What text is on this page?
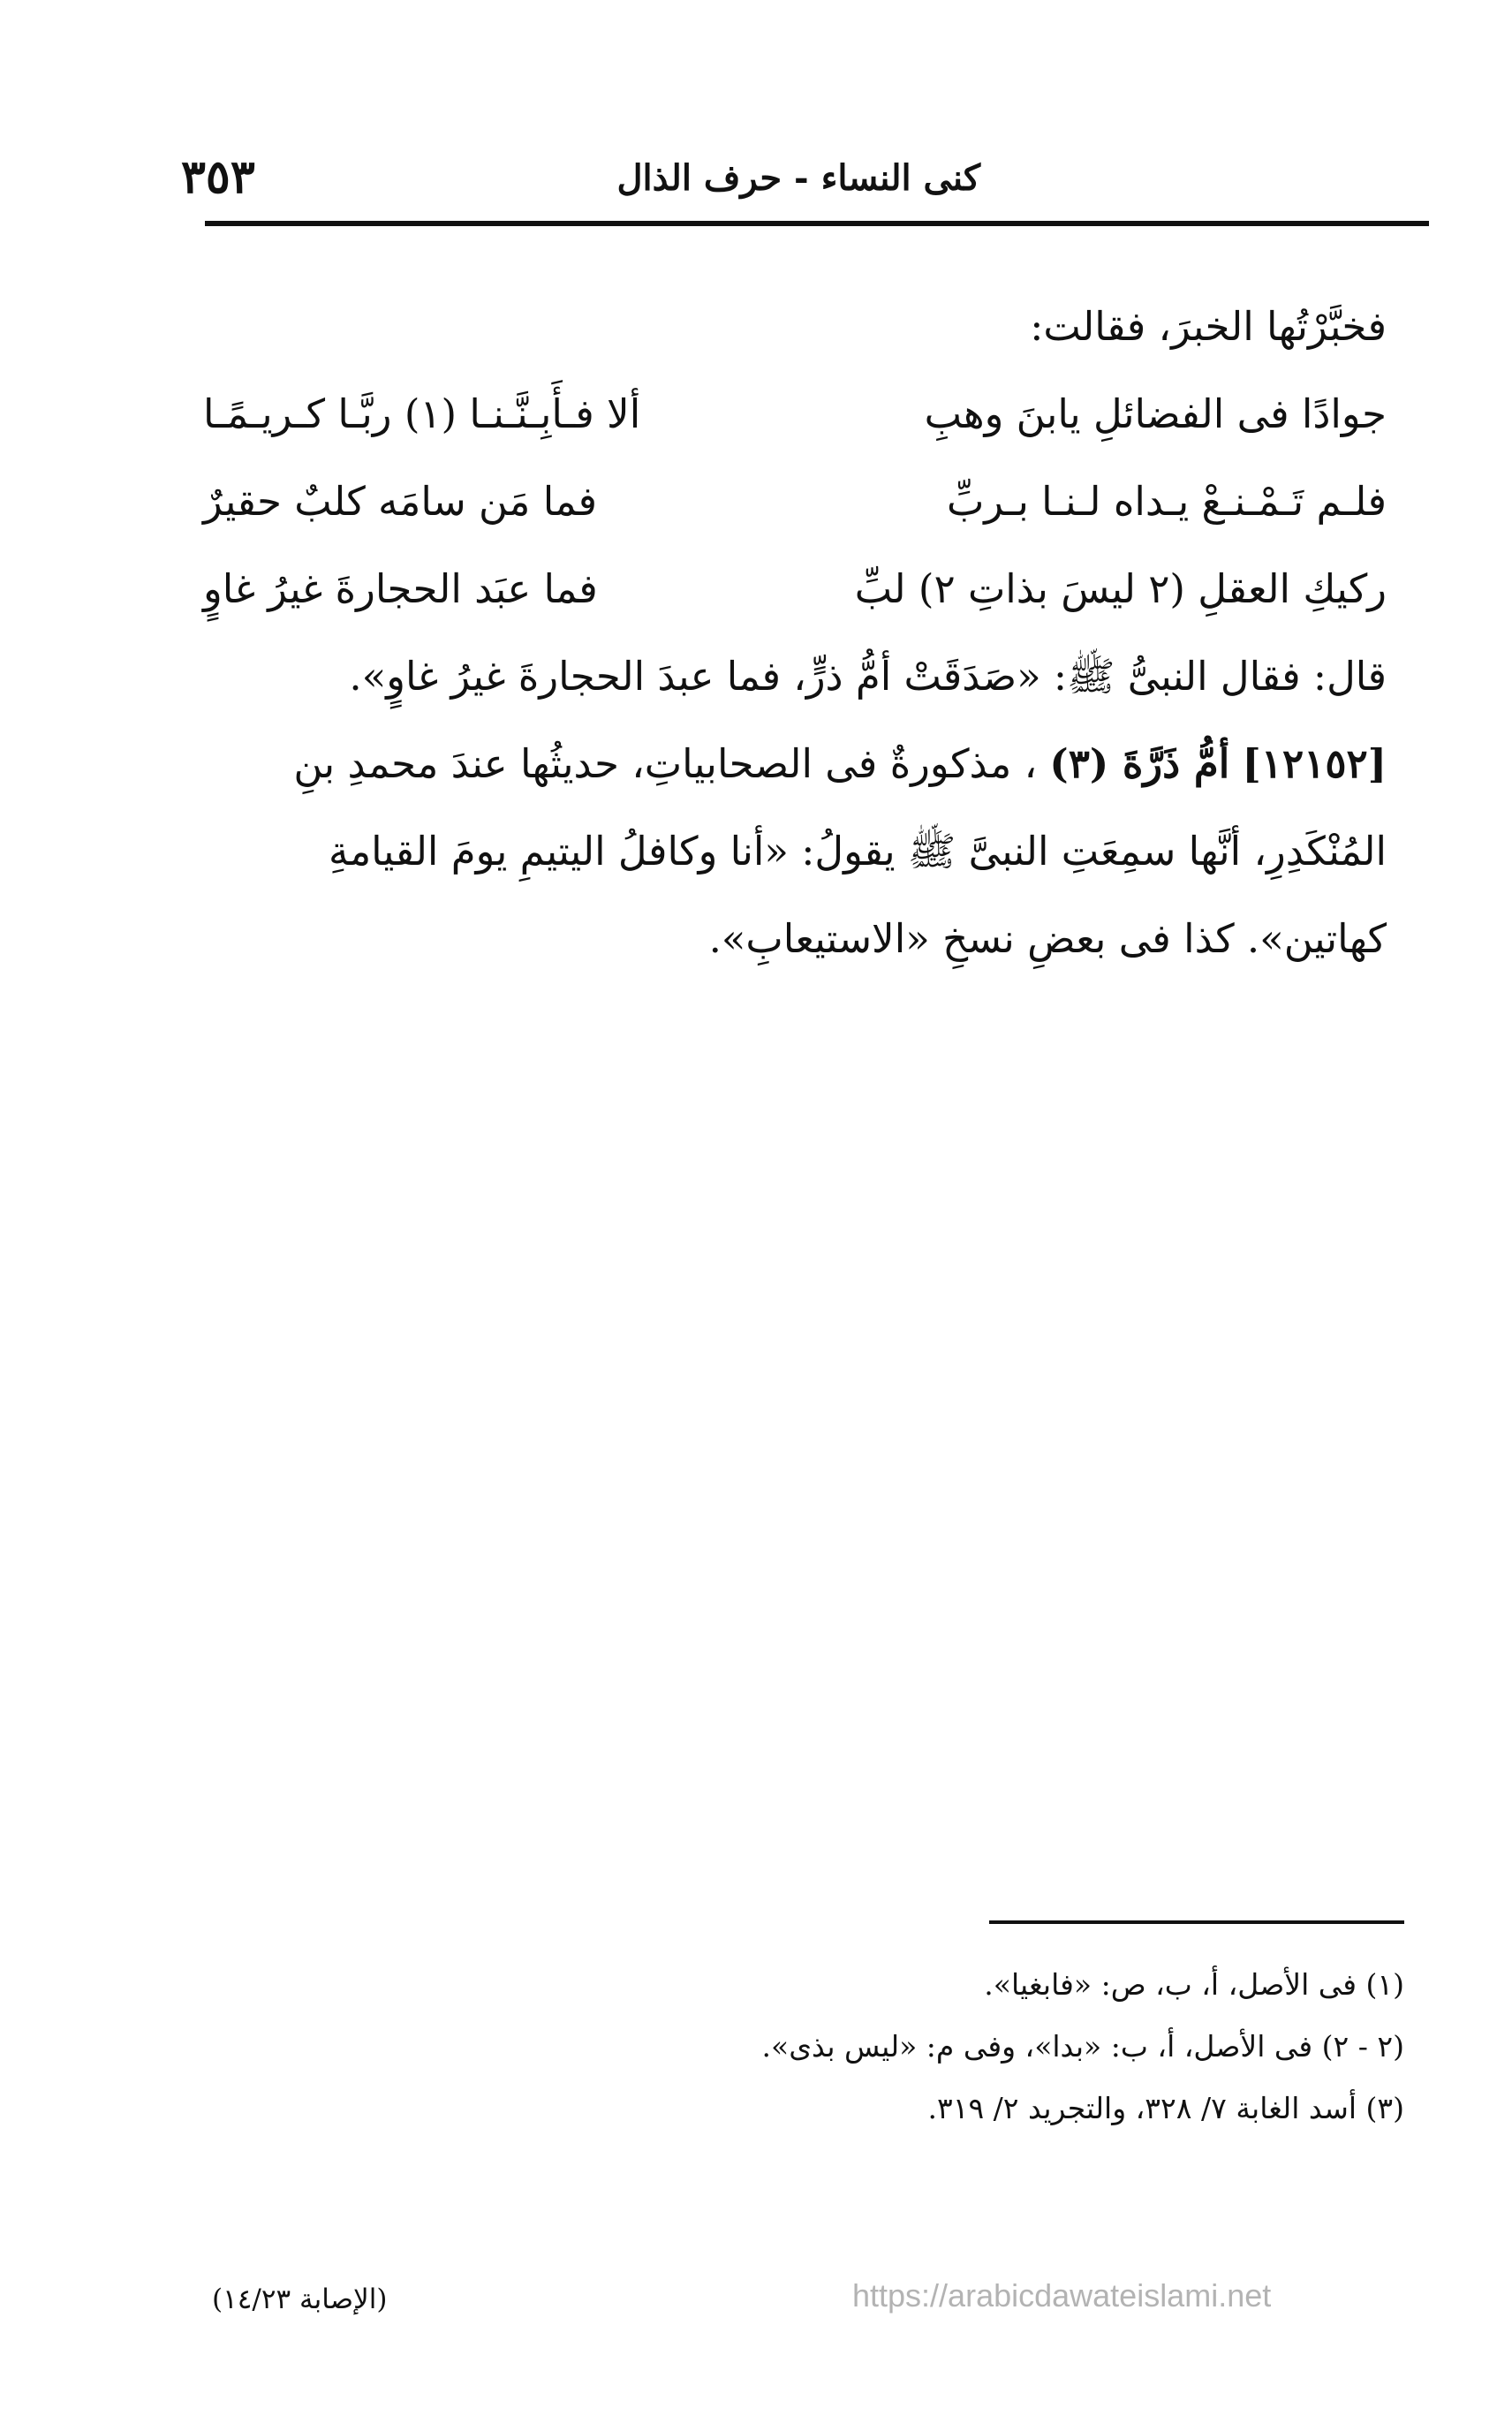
٣٥٣	كنى النساء - حرف الذال
فخبَّرْتُها الخبرَ، فقالت:
ألا فـأَبِـنَّـنـا (١) ربَّـا كـريـمًـا	جوادًا فى الفضائلِ يابنَ وهبِ
فما مَن سامَه كلبٌ حقيرٌ	فلـم تَـمْـنـعْ يـداه لـنـا بـربِّ
فما عبَد الحجارةَ غيرُ غاوٍ	ركيكِ العقلِ (٢ ليسَ بذاتِ ٢) لبِّ
قال: فقال النبىُّ ﷺ: «صَدَقَتْ أمُّ ذرٍّ، فما عبدَ الحجارةَ غيرُ غاوٍ».
[١٢١٥٢] أمُّ ذَرَّةَ (٣) ، مذكورةٌ فى الصحابياتِ، حديثُها عندَ محمدِ بنِ
المُنْكَدِرِ، أنَّها سمِعَتِ النبىَّ ﷺ يقولُ: «أنا وكافلُ اليتيمِ يومَ القيامةِ
كهاتين». كذا فى بعضِ نسخِ «الاستيعابِ».
(١) فى الأصل، أ، ب، ص: «فابغيا».
(٢ - ٢) فى الأصل، أ، ب: «بدا»، وفى م: «ليس بذى».
(٣) أسد الغابة ٧/ ٣٢٨، والتجريد ٢/ ٣١٩.
(الإصابة ١٤/٢٣)	https://arabicdawateislami.net
